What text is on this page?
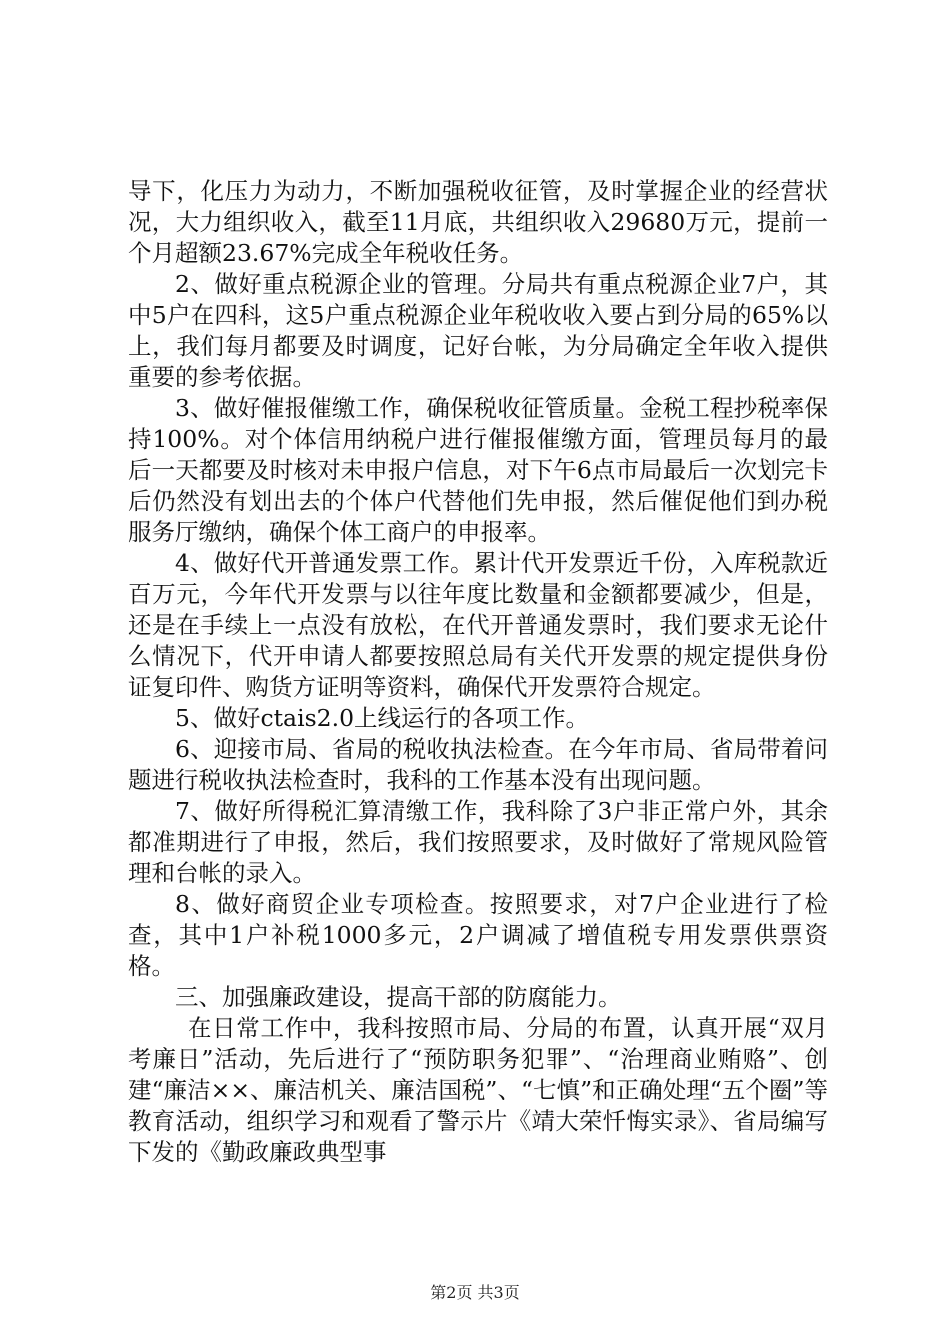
导下，化压力为动力，不断加强税收征管，及时掌握企业的经营状况，大力组织收入，截至11月底，共组织收入29680万元，提前一个月超额23.67%完成全年税收任务。

2、做好重点税源企业的管理。分局共有重点税源企业7户，其中5户在四科，这5户重点税源企业年税收收入要占到分局的65%以上，我们每月都要及时调度，记好台帐，为分局确定全年收入提供重要的参考依据。

3、做好催报催缴工作，确保税收征管质量。金税工程抄税率保持100%。对个体信用纳税户进行催报催缴方面，管理员每月的最后一天都要及时核对未申报户信息，对下午6点市局最后一次划完卡后仍然没有划出去的个体户代替他们先申报，然后催促他们到办税服务厅缴纳，确保个体工商户的申报率。

4、做好代开普通发票工作。累计代开发票近千份，入库税款近百万元，今年代开发票与以往年度比数量和金额都要减少，但是，还是在手续上一点没有放松，在代开普通发票时，我们要求无论什么情况下，代开申请人都要按照总局有关代开发票的规定提供身份证复印件、购货方证明等资料，确保代开发票符合规定。

5、做好ctais2.0上线运行的各项工作。

6、迎接市局、省局的税收执法检查。在今年市局、省局带着问题进行税收执法检查时，我科的工作基本没有出现问题。

7、做好所得税汇算清缴工作，我科除了3户非正常户外，其余都准期进行了申报，然后，我们按照要求，及时做好了常规风险管理和台帐的录入。

8、做好商贸企业专项检查。按照要求，对7户企业进行了检查，其中1户补税1000多元，2户调减了增值税专用发票供票资格。

三、加强廉政建设，提高干部的防腐能力。

在日常工作中，我科按照市局、分局的布置，认真开展“双月考廉日”活动，先后进行了“预防职务犯罪”、“治理商业贿赂”、创建“廉洁××、廉洁机关、廉洁国税”、“七慎”和正确处理“五个圈”等教育活动，组织学习和观看了警示片《靖大荣忏悔实录》、省局编写下发的《勤政廉政典型事

第2页 共3页
